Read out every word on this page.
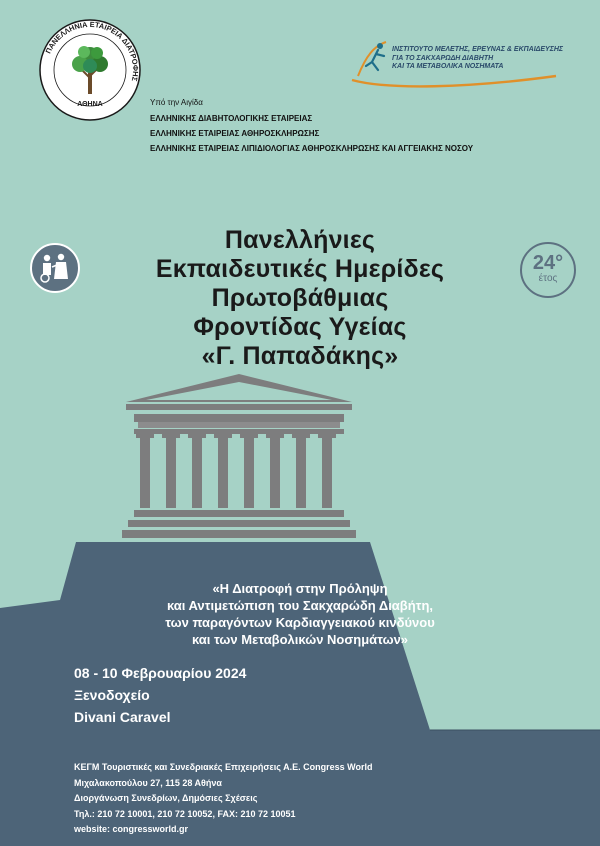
ΠΑΝΕΛΛΗΝΙΑ ΕΤΑΙΡΕΙΑ ΔΙΑΤΡΟΦΗΣ
ΑΘΗΝΑ
ΙΝΣΤΙΤΟΥΤΟ ΜΕΛΕΤΗΣ, ΕΡΕΥΝΑΣ & ΕΚΠΑΙΔΕΥΣΗΣ
ΓΙΑ ΤΟ ΣΑΚΧΑΡΩΔΗ ΔΙΑΒΗΤΗ
ΚΑΙ ΤΑ ΜΕΤΑΒΟΛΙΚΑ ΝΟΣΗΜΑΤΑ
Υπό την Αιγίδα
ΕΛΛΗΝΙΚΗΣ ΔΙΑΒΗΤΟΛΟΓΙΚΗΣ ΕΤΑΙΡΕΙΑΣ
ΕΛΛΗΝΙΚΗΣ ΕΤΑΙΡΕΙΑΣ ΑΘΗΡΟΣΚΛΗΡΩΣΗΣ
ΕΛΛΗΝΙΚΗΣ ΕΤΑΙΡΕΙΑΣ ΛΙΠΙΔΙΟΛΟΓΙΑΣ ΑΘΗΡΟΣΚΛΗΡΩΣΗΣ ΚΑΙ ΑΓΓΕΙΑΚΗΣ ΝΟΣΟΥ
24°
έτος
Πανελλήνιες
Εκπαιδευτικές Ημερίδες
Πρωτοβάθμιας
Φροντίδας Υγείας
«Γ. Παπαδάκης»
«Η Διατροφή στην Πρόληψη
και Αντιμετώπιση του Σακχαρώδη Διαβήτη,
των παραγόντων Καρδιαγγειακού κινδύνου
και των Μεταβολικών Νοσημάτων»
08 - 10 Φεβρουαρίου 2024
Ξενοδοχείο
Divani Caravel
ΚΕΓΜ Τουριστικές και Συνεδριακές Επιχειρήσεις Α.Ε. Congress World
Μιχαλακοπούλου 27, 115 28 Αθήνα
Διοργάνωση Συνεδρίων, Δημόσιες Σχέσεις
Τηλ.: 210 72 10001, 210 72 10052, FAX: 210 72 10051
website: congressworld.gr
